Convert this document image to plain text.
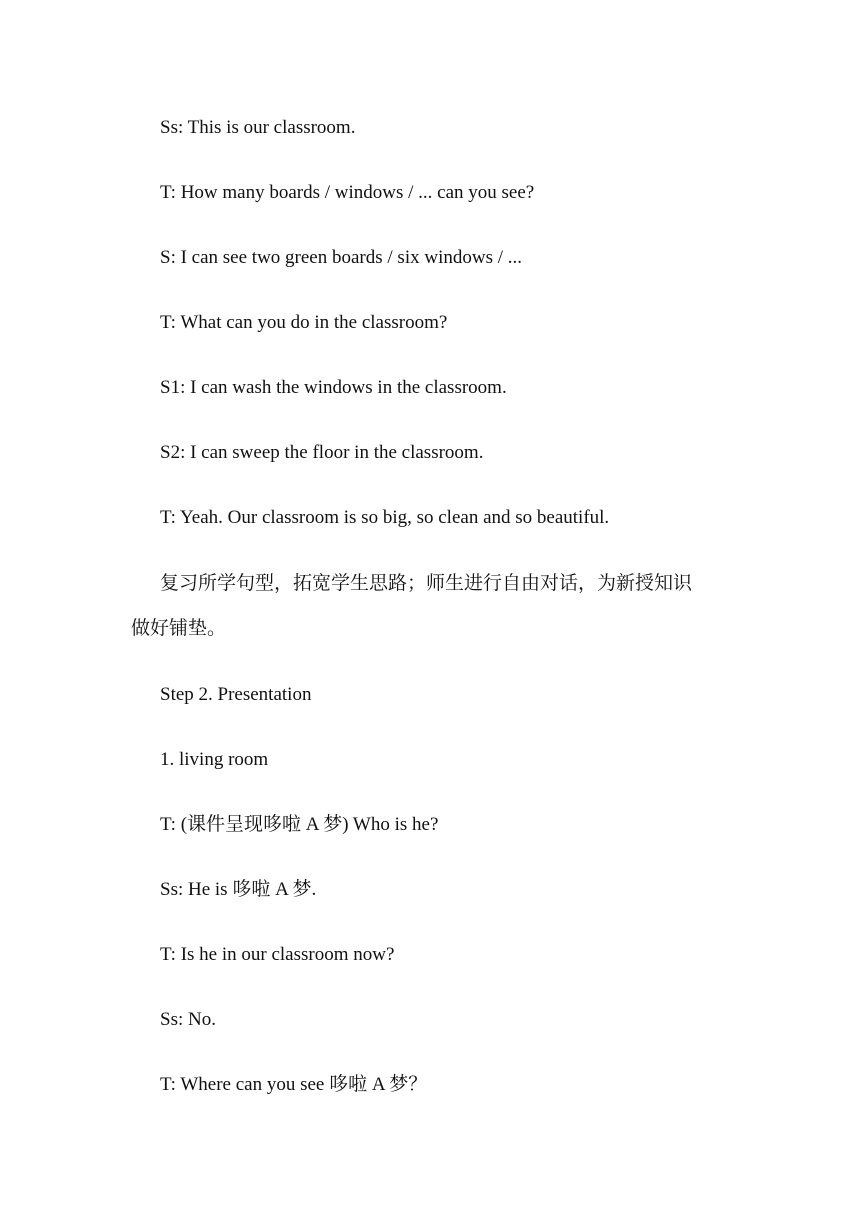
Ss: This is our classroom.
T: How many boards / windows / ... can you see?
S: I can see two green boards / six windows / ...
T: What can you do in the classroom?
S1: I can wash the windows in the classroom.
S2: I can sweep the floor in the classroom.
T: Yeah. Our classroom is so big, so clean and so beautiful.
复习所学句型，拓宽学生思路；师生进行自由对话，为新授知识
做好铺垫。
Step 2. Presentation
1. living room
T: (课件呈现哆啦 A 梦) Who is he?
Ss: He is 哆啦 A 梦.
T: Is he in our classroom now?
Ss: No.
T: Where can you see 哆啦 A 梦？
